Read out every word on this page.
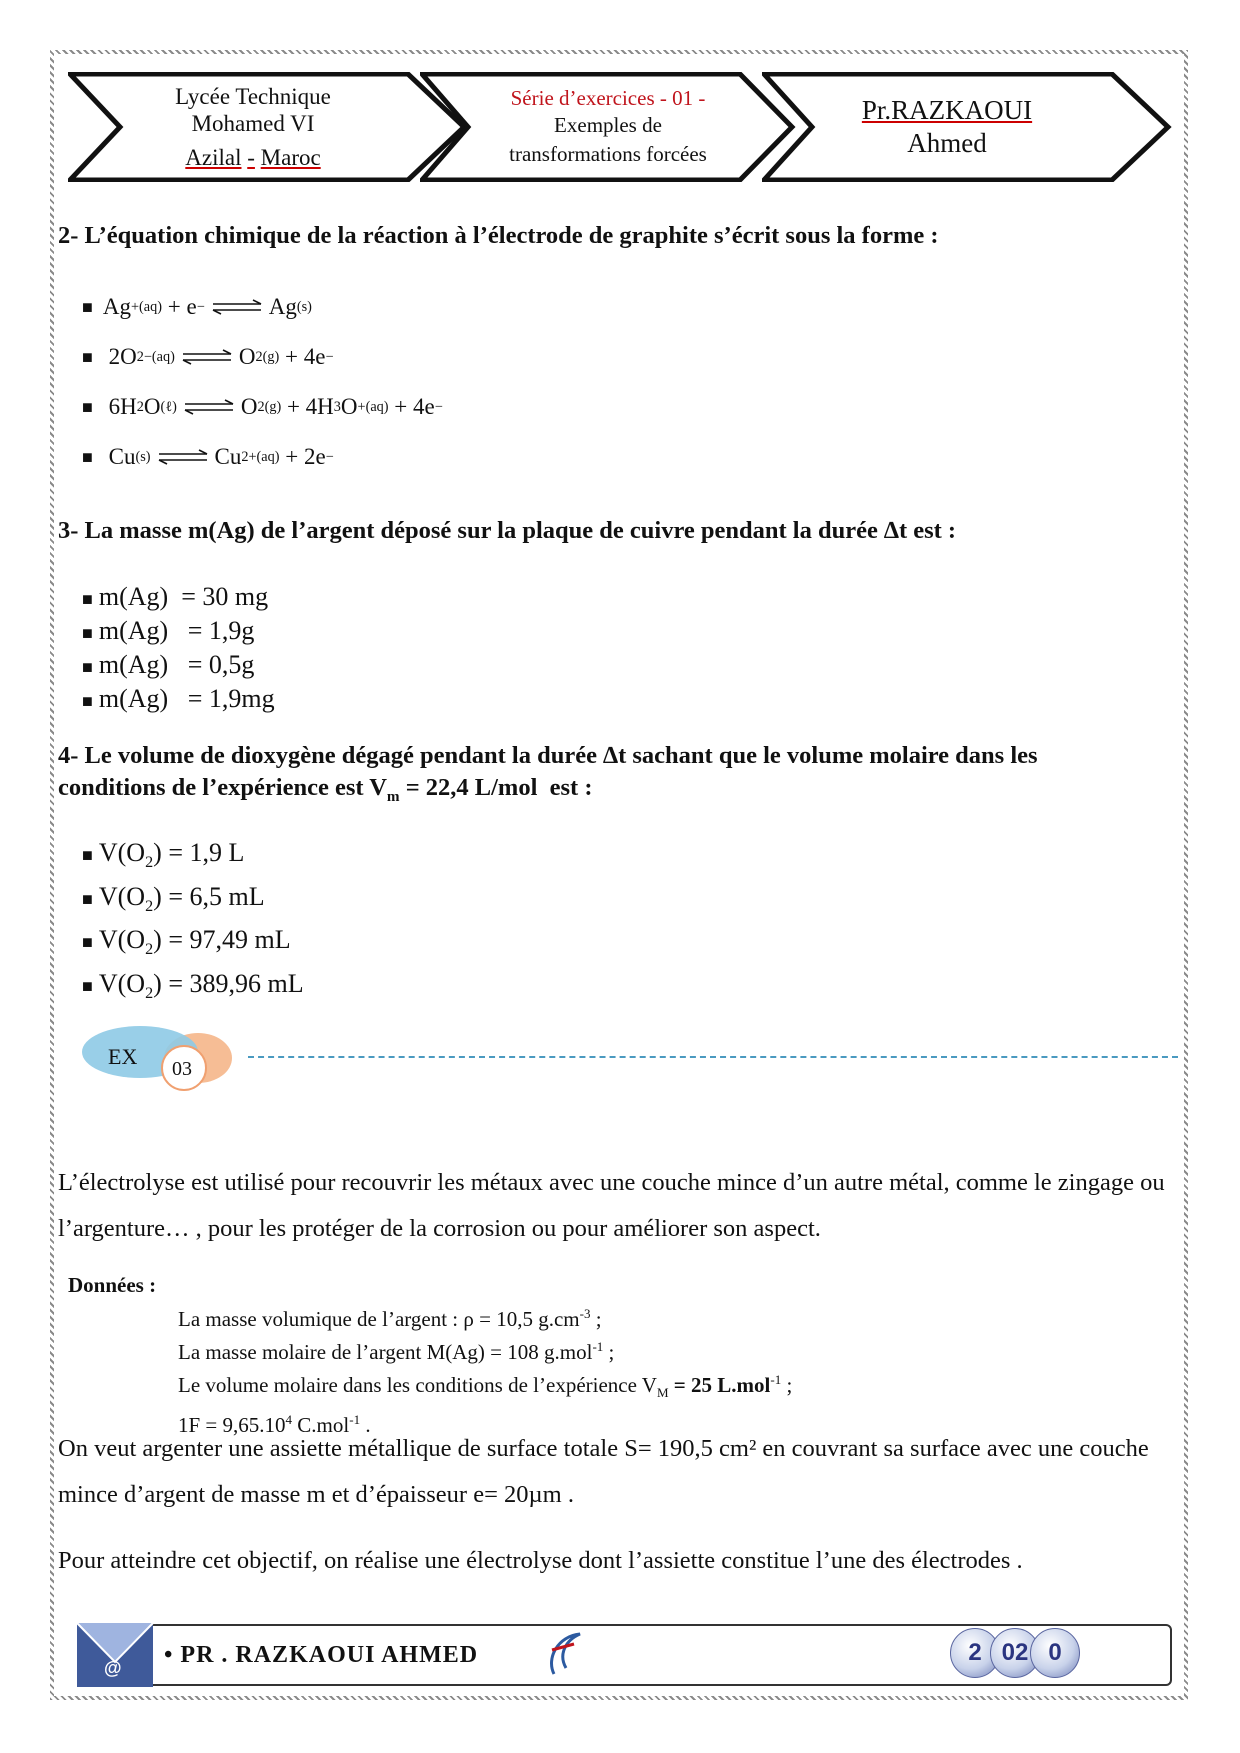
Lycée Technique
Mohamed VI
Azilal - Maroc
Série d’exercices - 01 -
Exemples de
transformations forcées
Pr.RAZKAOUI
Ahmed
2- L’équation chimique de la réaction à l’électrode de graphite s’écrit sous la forme :
■ Ag + (aq)
+ e − ⇌ Ag (s)
■
2O 2− (aq) ⇌ O 2(g)
+ 4e −
■
6H 2 O (ℓ) ⇌ O 2(g)
+ 4H 3 O + (aq)
+ 4e −
■
Cu (s) ⇌ Cu 2+ (aq)
+ 2e −
3- La masse m(Ag) de l’argent déposé sur la plaque de cuivre pendant la durée ∆t est :
■ m(Ag)  = 30 mg
■ m(Ag)   = 1,9g
■ m(Ag)   = 0,5g
■ m(Ag)   = 1,9mg
4- Le volume de dioxygène dégagé pendant la durée ∆t sachant que le volume molaire dans les
conditions de l’expérience est $V_m = 22,4$ L/mol  est :
■ $V(O_2) = 1,9$ L
■ $V(O_2) = 6,5$ mL
■ $V(O_2) = 97,49$ mL
■ $V(O_2) = 389,96$ mL
EX 03
L’électrolyse est utilisé pour recouvrir les métaux avec une couche mince d’un autre métal, comme le zingage ou l’argenture… , pour les protéger de la corrosion ou pour améliorer son aspect.
Données :
La masse volumique de l’argent : ρ = 10,5 $g.cm^{-3}$ ;
La masse molaire de l’argent M(Ag) = 108 g.mol$^{-1}$ ;
Le volume molaire dans les conditions de l’expérience $V_M = 25$ L.mol$^{-1}$ ;
$1F = 9,65.10^4$ C.mol$^{-1}$ .
On veut argenter une assiette métallique de surface totale S= 190,5 cm² en couvrant sa surface avec une couche mince d’argent de masse m et d’épaisseur e= 20µm .
Pour atteindre cet objectif, on réalise une électrolyse dont l’assiette constitue l’une des électrodes .
@ • PR . RAZKAOUI AHMED	2 02 0
